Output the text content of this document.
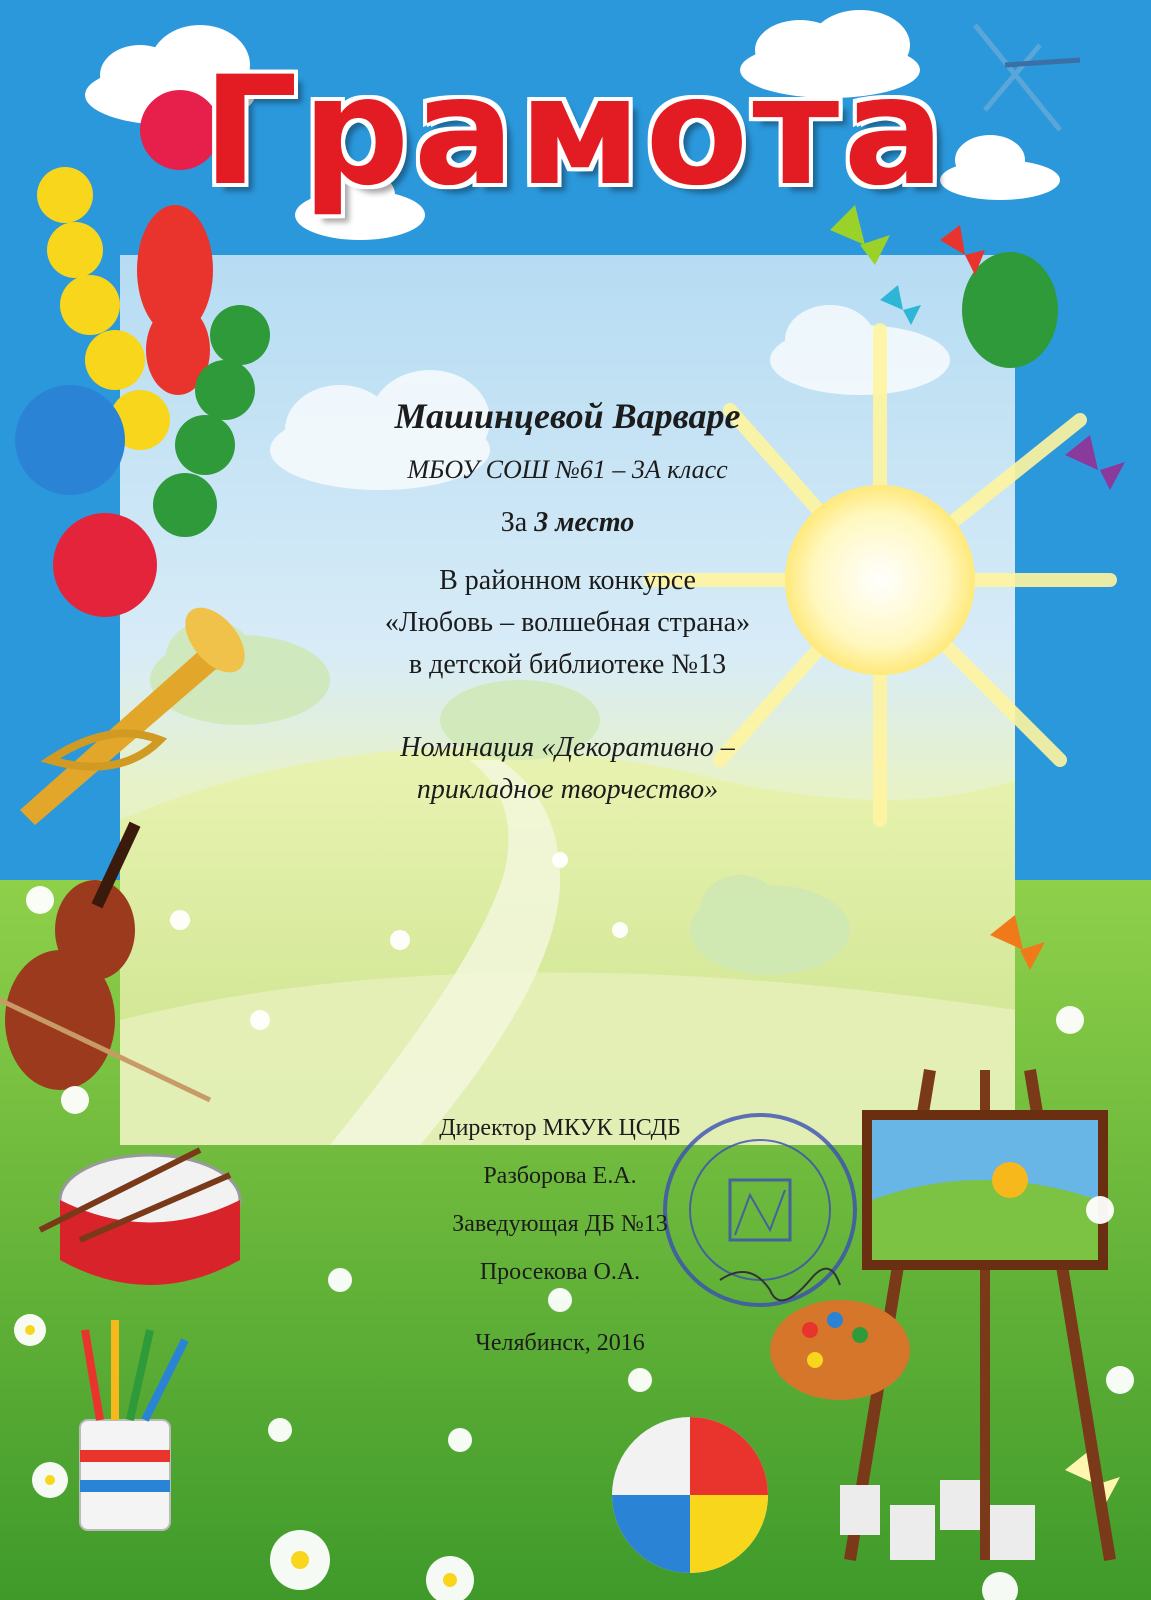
Грамота

Машинцевой Варваре

МБОУ СОШ №61 – 3А класс

За 3 место

В районном конкурсе

«Любовь – волшебная страна»

в детской библиотеке №13

Номинация «Декоративно –

прикладное творчество»

Директор МКУК ЦСДБ

Разборова Е.А.

Заведующая ДБ №13

Просекова О.А.

Челябинск, 2016
